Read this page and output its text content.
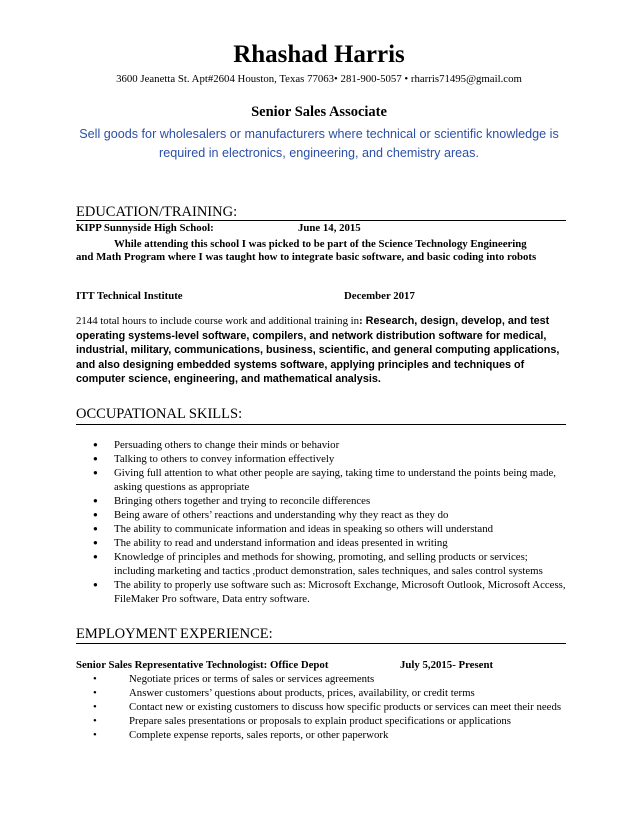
Rhashad Harris
3600 Jeanetta St. Apt#2604 Houston, Texas 77063• 281-900-5057 • rharris71495@gmail.com
Senior Sales Associate
Sell goods for wholesalers or manufacturers where technical or scientific knowledge is required in electronics, engineering, and chemistry areas.
EDUCATION/TRAINING:
KIPP Sunnyside High School:	June 14, 2015
While attending this school I was picked to be part of the Science Technology Engineering
and Math Program where I was taught how to integrate basic software, and basic coding into robots
ITT Technical Institute	December 2017
2144 total hours to include course work and additional training in: Research, design, develop, and test operating systems-level software, compilers, and network distribution software for medical, industrial, military, communications, business, scientific, and general computing applications, and also designing embedded systems software, applying principles and techniques of computer science, engineering, and mathematical analysis.
OCCUPATIONAL SKILLS:
● Persuading others to change their minds or behavior
● Talking to others to convey information effectively
● Giving full attention to what other people are saying, taking time to understand the points being made, asking questions as appropriate
● Bringing others together and trying to reconcile differences
● Being aware of others’ reactions and understanding why they react as they do
● The ability to communicate information and ideas in speaking so others will understand
● The ability to read and understand information and ideas presented in writing
● Knowledge of principles and methods for showing, promoting, and selling products or services; including marketing and tactics ,product demonstration, sales techniques, and sales control systems
● The ability to properly use software such as: Microsoft Exchange, Microsoft Outlook, Microsoft Access, FileMaker Pro software, Data entry software.
EMPLOYMENT EXPERIENCE:
Senior Sales Representative Technologist: Office Depot	July 5,2015- Present
• Negotiate prices or terms of sales or services agreements
• Answer customers’ questions about products, prices, availability, or credit terms
• Contact new or existing customers to discuss how specific products or services can meet their needs
• Prepare sales presentations or proposals to explain product specifications or applications
• Complete expense reports, sales reports, or other paperwork
